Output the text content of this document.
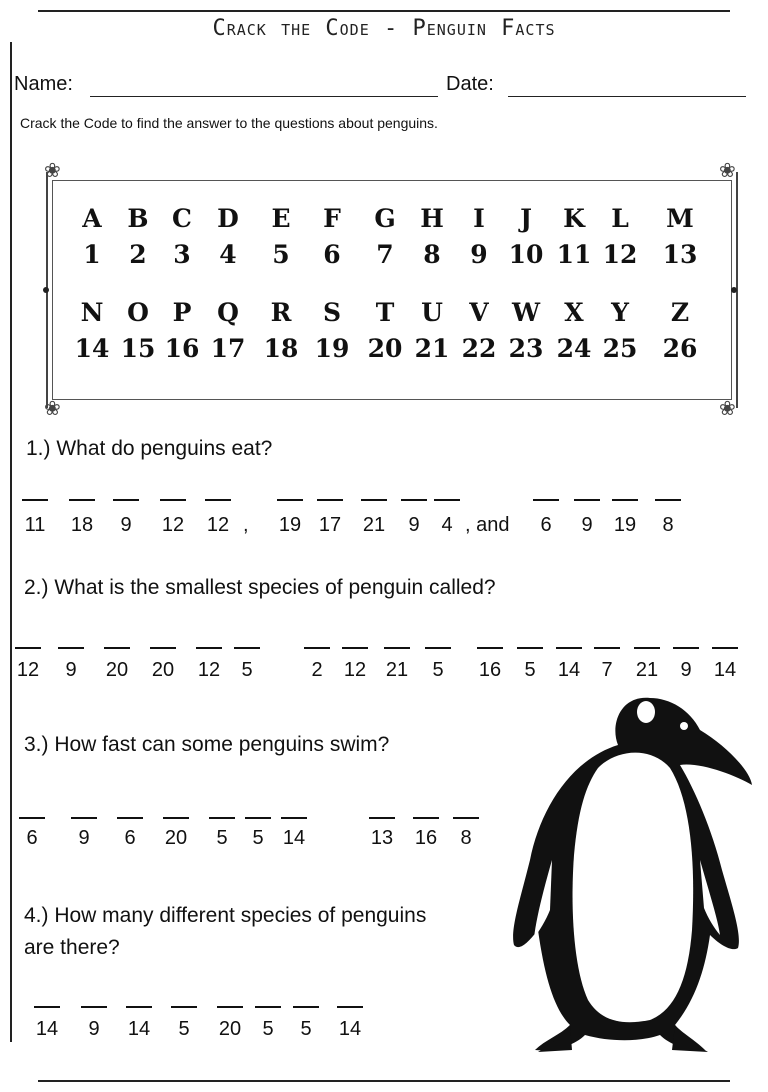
Crack the Code - Penguin Facts
Name:	Date:
Crack the Code to find the answer to the questions about penguins.
❀	❀
❀	❀
A	B C	D	E	F	G H	I	J	K	L	M
1	2	3	4	5	6	7	8	9 10 11 12 13
N O P	Q	R	S	T	U	V W X	Y	Z
14 15 16 17 18 19 20 21 22 23 24 25 26
1.) What do penguins eat?
2.) What is the smallest species of penguin called?
3.) How fast can some penguins swim?
4.) How many different species of penguins
are there?
11	18	9	12	12	19 17	21	9	4	6	9	19	8
,	, and
12	9	20	20	12	5	2	12 21	5	16	5	14	7	21	9	14
6	9	6	20	5	5 14	13	16	8
14	9	14	5	20	5	5	14
